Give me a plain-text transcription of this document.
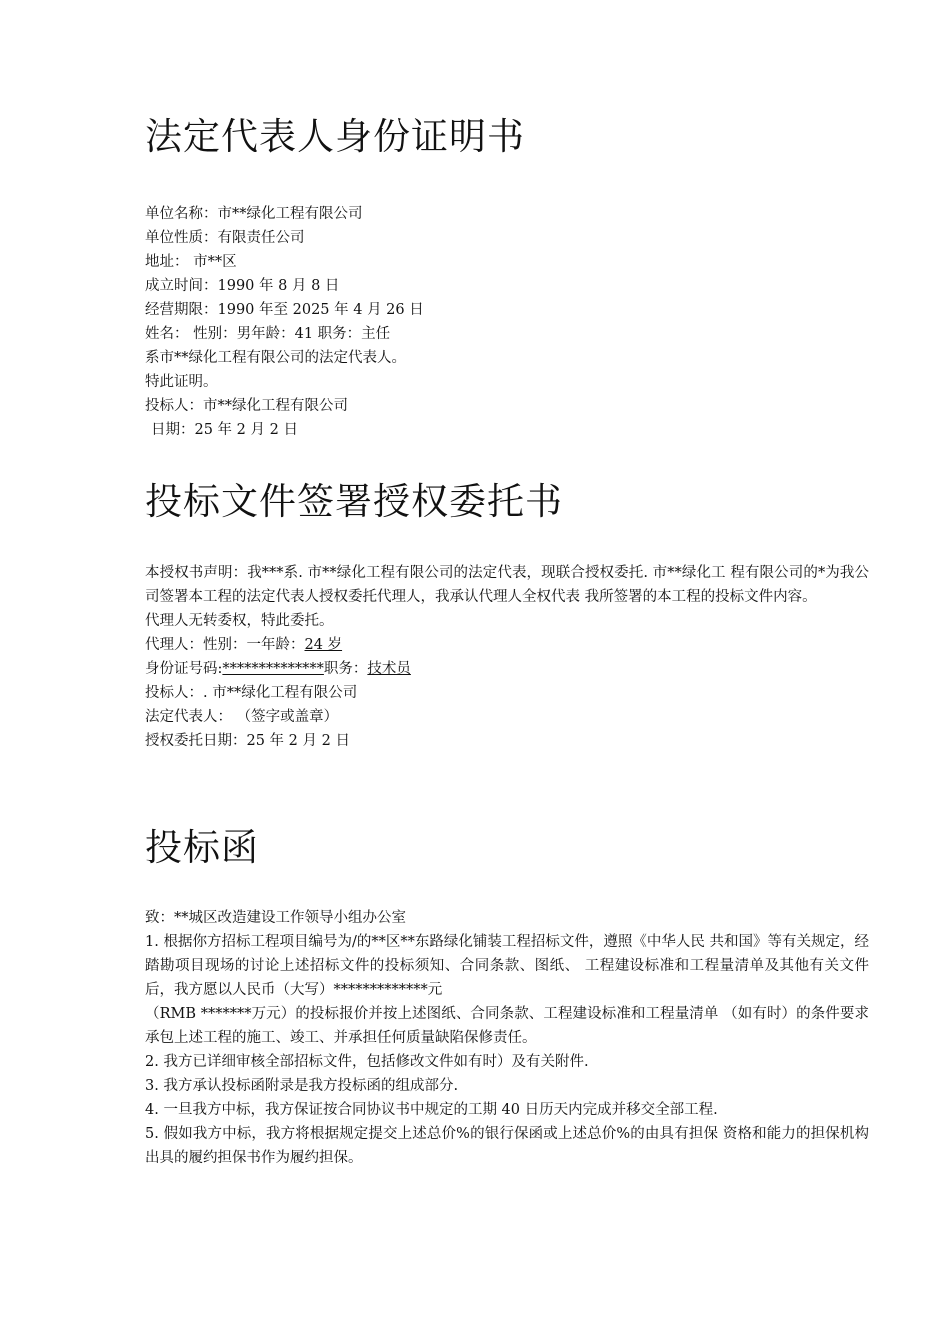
法定代表人身份证明书
单位名称：市**绿化工程有限公司
单位性质：有限责任公司
地址： 市**区
成立时间：1990 年 8 月 8 日
经营期限：1990 年至 2025 年 4 月 26 日
姓名： 性别：男年龄：41 职务：主任
系市**绿化工程有限公司的法定代表人。
特此证明。
投标人：市**绿化工程有限公司
日期：25 年 2 月 2 日
投标文件签署授权委托书
本授权书声明：我***系. 市**绿化工程有限公司的法定代表，现联合授权委托. 市**绿化工 程有限公司的*为我公司签署本工程的法定代表人授权委托代理人，我承认代理人全权代表 我所签署的本工程的投标文件内容。
代理人无转委权，特此委托。
代理人：性别：一年龄：24 岁
身份证号码:**************职务：技术员
投标人：. 市**绿化工程有限公司
法定代表人： （签字或盖章）
授权委托日期：25 年 2 月 2 日
投标函
致：**城区改造建设工作领导小组办公室
1. 根据你方招标工程项目编号为/的**区**东路绿化铺装工程招标文件，遵照《中华人民 共和国》等有关规定，经踏勘项目现场的讨论上述招标文件的投标须知、合同条款、图纸、 工程建设标准和工程量清单及其他有关文件后，我方愿以人民币（大写）*************元
（RMB *******万元）的投标报价并按上述图纸、合同条款、工程建设标准和工程量清单 （如有时）的条件要求承包上述工程的施工、竣工、并承担任何质量缺陷保修责任。
2. 我方已详细审核全部招标文件，包括修改文件如有时）及有关附件.
3. 我方承认投标函附录是我方投标函的组成部分.
4. 一旦我方中标，我方保证按合同协议书中规定的工期 40 日历天内完成并移交全部工程.
5. 假如我方中标，我方将根据规定提交上述总价%的银行保函或上述总价%的由具有担保 资格和能力的担保机构出具的履约担保书作为履约担保。
